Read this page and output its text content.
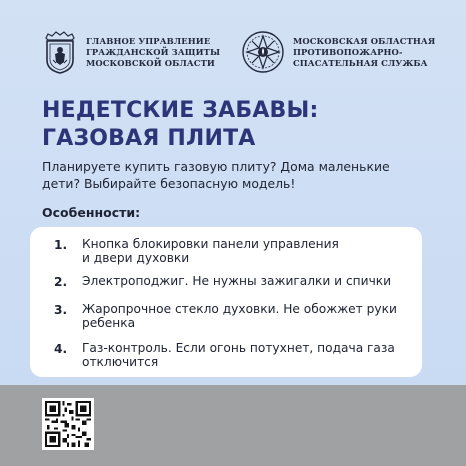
ГЛАВНОЕ УПРАВЛЕНИЕ
ГРАЖДАНСКОЙ ЗАЩИТЫ
МОСКОВСКОЙ ОБЛАСТИ
МОСКОВСКАЯ ОБЛАСТНАЯ
ПРОТИВОПОЖАРНО-
СПАСАТЕЛЬНАЯ СЛУЖБА
НЕДЕТСКИЕ ЗАБАВЫ:
ГАЗОВАЯ ПЛИТА
Планируете купить газовую плиту? Дома маленькие
дети? Выбирайте безопасную модель!
Особенности:
1. Кнопка блокировки панели управления
и двери духовки
2. Электроподжиг. Не нужны зажигалки и спички
3. Жаропрочное стекло духовки. Не обожжет руки
ребенка
4. Газ-контроль. Если огонь потухнет, подача газа
отключится
